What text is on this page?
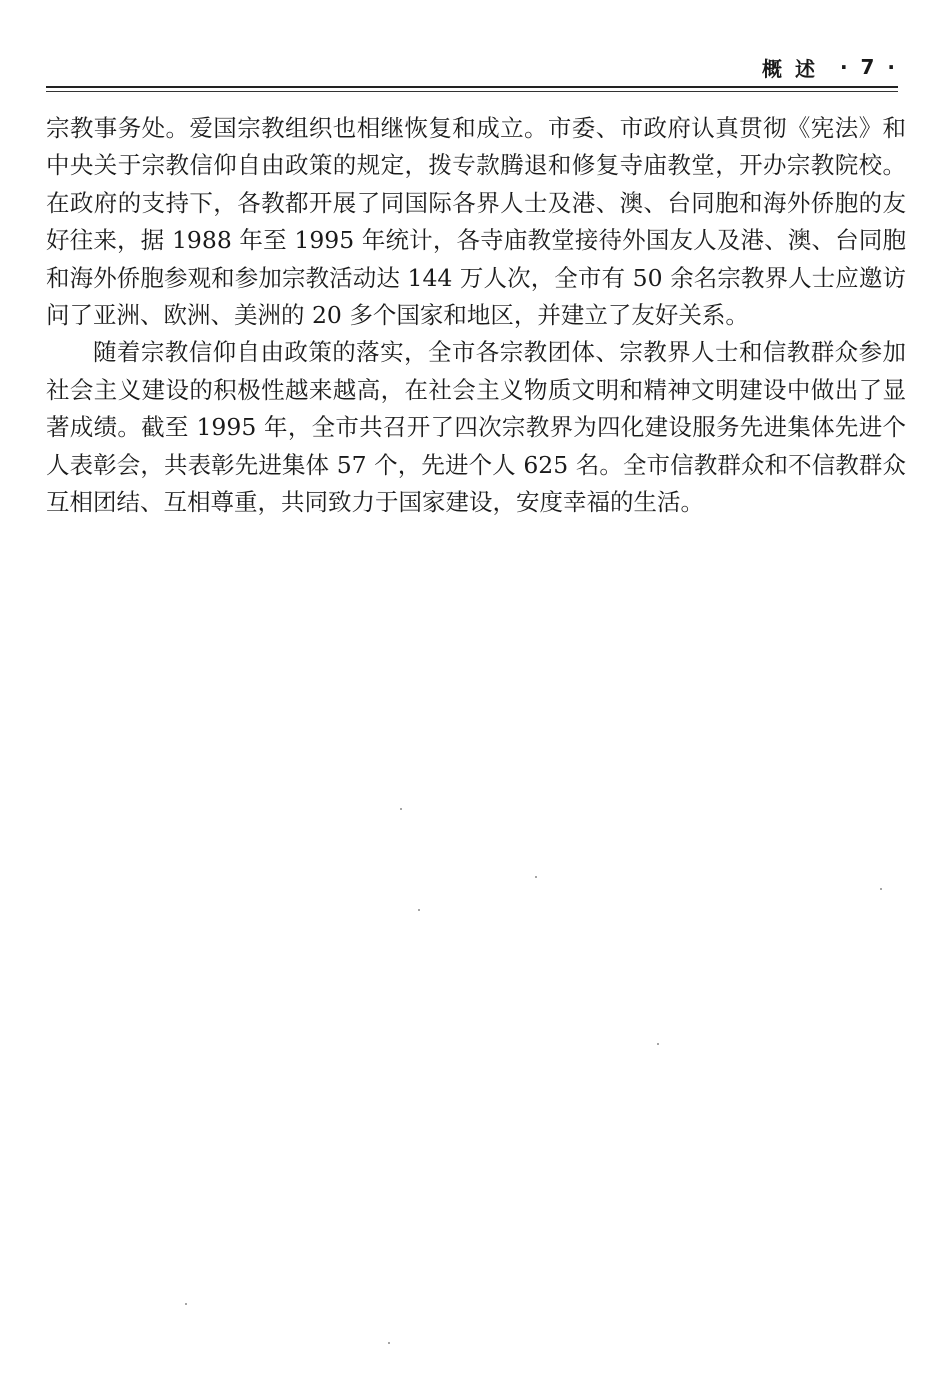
概 述 · 7 ·

宗教事务处。爱国宗教组织也相继恢复和成立。市委、市政府认真贯彻《宪法》和中央关于宗教信仰自由政策的规定，拨专款腾退和修复寺庙教堂，开办宗教院校。在政府的支持下，各教都开展了同国际各界人士及港、澳、台同胞和海外侨胞的友好往来，据 1988 年至 1995 年统计，各寺庙教堂接待外国友人及港、澳、台同胞和海外侨胞参观和参加宗教活动达 144 万人次，全市有 50 余名宗教界人士应邀访问了亚洲、欧洲、美洲的 20 多个国家和地区，并建立了友好关系。

随着宗教信仰自由政策的落实，全市各宗教团体、宗教界人士和信教群众参加社会主义建设的积极性越来越高，在社会主义物质文明和精神文明建设中做出了显著成绩。截至 1995 年，全市共召开了四次宗教界为四化建设服务先进集体先进个人表彰会，共表彰先进集体 57 个，先进个人 625 名。全市信教群众和不信教群众互相团结、互相尊重，共同致力于国家建设，安度幸福的生活。
